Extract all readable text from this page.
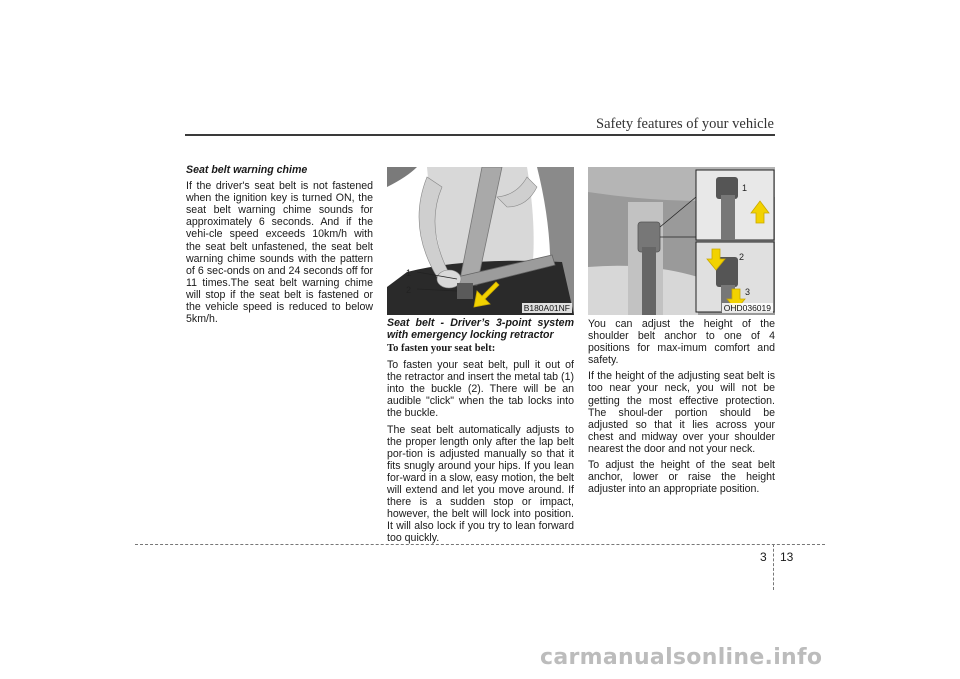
Safety features of your vehicle

Seat belt warning chime

If the driver's seat belt is not fastened when the ignition key is turned ON, the seat belt warning chime sounds for approximately 6 seconds. And if the vehi-cle speed exceeds 10km/h with the seat belt unfastened, the seat belt warning chime sounds with the pattern of 6 sec-onds on and 24 seconds off for 11 times.The seat belt warning chime will stop if the seat belt is fastened or the vehicle speed is reduced to below 5km/h.

1
2
B180A01NF
1
2
3
OHD036019

Seat belt - Driver’s 3-point system with emergency locking retractor

To fasten your seat belt:

To fasten your seat belt, pull it out of the retractor and insert the metal tab (1) into the buckle (2). There will be an audible "click" when the tab locks into the buckle.

The seat belt automatically adjusts to the proper length only after the lap belt por-tion is adjusted manually so that it fits snugly around your hips. If you lean for-ward in a slow, easy motion, the belt will extend and let you move around. If there is a sudden stop or impact, however, the belt will lock into position. It will also lock if you try to lean forward too quickly.

You can adjust the height of the shoulder belt anchor to one of 4 positions for max-imum comfort and safety.

If the height of the adjusting seat belt is too near your neck, you will not be getting the most effective protection. The shoul-der portion should be adjusted so that it lies across your chest and midway over your shoulder nearest the door and not your neck.

To adjust the height of the seat belt anchor, lower or raise the height adjuster into an appropriate position.

3 13
carmanualsonline.info
